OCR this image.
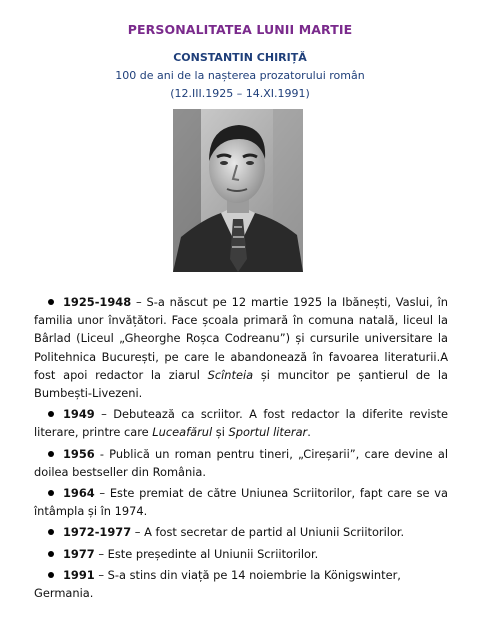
PERSONALITATEA LUNII MARTIE
CONSTANTIN CHIRIȚĂ
100 de ani de la nașterea prozatorului român
(12.III.1925 – 14.XI.1991)
1925-1948 – S-a născut pe 12 martie 1925 la Ibănești, Vaslui, în familia unor învățători. Face școala primară în comuna natală, liceul la Bârlad (Liceul „Gheorghe Roșca Codreanu”) și cursurile universitare la Politehnica București, pe care le abandonează în favoarea literaturii.A fost apoi redactor la ziarul Scînteia și muncitor pe șantierul de la Bumbești-Livezeni.
1949 – Debutează ca scriitor. A fost redactor la diferite reviste literare, printre care Luceafărul și Sportul literar.
1956 - Publică un roman pentru tineri, „Cireșarii”, care devine al doilea bestseller din România.
1964 – Este premiat de către Uniunea Scriitorilor, fapt care se va întâmpla și în 1974.
1972-1977 – A fost secretar de partid al Uniunii Scriitorilor.
1977 – Este președinte al Uniunii Scriitorilor.
1991 – S-a stins din viață pe 14 noiembrie la Königswinter, Germania.
